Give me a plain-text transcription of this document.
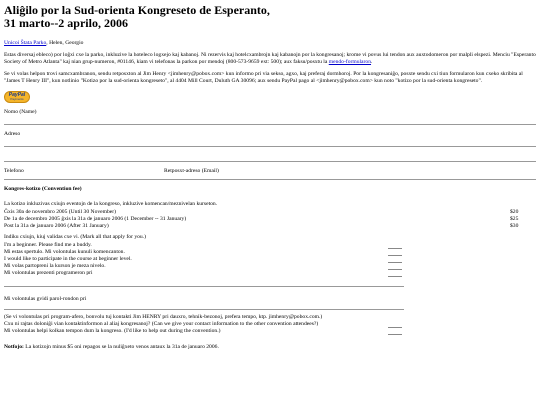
Aliĝilo por la Sud-orienta Kongreseto de Esperanto,
31 marto--2 aprilo, 2006

Unicoi Ŝtata Parko, Helen, Georgio

Estas diversaj ebleco) por loĝxi cxe la parko, inkluzive la hoteleco logxejo kaj kabanoj. Ni rezervis kaj hotelcxambrojn kaj kabanojn por la kongresanoj; krome vi povus lui tendon aux auxtodomeron por malpli elspezi. Menciu "Esperanto Society of Metro Atlanta" kaj nian grup-numeron, #01146, kiam vi telefonas la parkon por mendoj (800-573-9659 ext: 500); aux faksu/posxtu la mendo-formularon.

Se vi volas helpon trovi samcxambranon, sendu retposxton al Jim Henry <jimhenry@pobox.com> kun informo pri via sekso, agxo, kaj preferaj dormhoroj. Por la kongresaniĝo, posxte sendu cxi tiun formularon kun cxeko skribita al "James T Henry III", kun notlinio "Kotizo por la sud-orienta kongreseto", al 4404 Mill Court, Duluth GA 30096; aux sendu PayPal pago al <jimhenry@pobox.com> kun noto "kotizo por la sud-orienta kongreseto".

PayPal
Payments
Nomo (Name)
Adreso
Telefono	Retposxt-adreso (Email)
Kongres-kotizo (Convention fee)

La kotizo inkluzivas cxiujn eventojn de la kongreso, inkluzive komencan/meznivelan kurseton.

Ĝxis 30a de novembro 2005 (Until 30 November)	$20
De 1a de decembro 2005 ĝxis la 31a de januaro 2006 (1 December -- 31 January)	$25
Post la 31a de januaro 2006 (After 31 January)	$30

Indiku cxiujn, kiuj validas cxe vi. (Mark all that apply for you.)

I'm a beginner. Please find me a buddy.
Mi estas spertulo. Mi volontulas kunuli komencanton.
I would like to participate in the course at beginner level.
Mi volas partopreni la kurson je meza nivelo.
Mi volontulas prezenti programeron pri

Mi volontulas gvidi parol-rondon pri

(Se vi volontulas pri program-afero, bonvolu tuj kontakti Jim HENRY pri dauxro, tehnik-bezonoj, prefera tempo, ktp. jimhenry@pobox.com.)

Cxu ni rajtas doloniĝi vian kontaktinformon al aliaj kongresanoj? (Can we give your contact information to the other convention attendees?)
Mi volontulas helpi kolkan tempon dum la kongreso. (I'd like to help out during the convention.)

Notfojo: La kotizojn minus $5 oni repagos se la nuliĝxeto venos antaux la 31a de januaro 2006.
